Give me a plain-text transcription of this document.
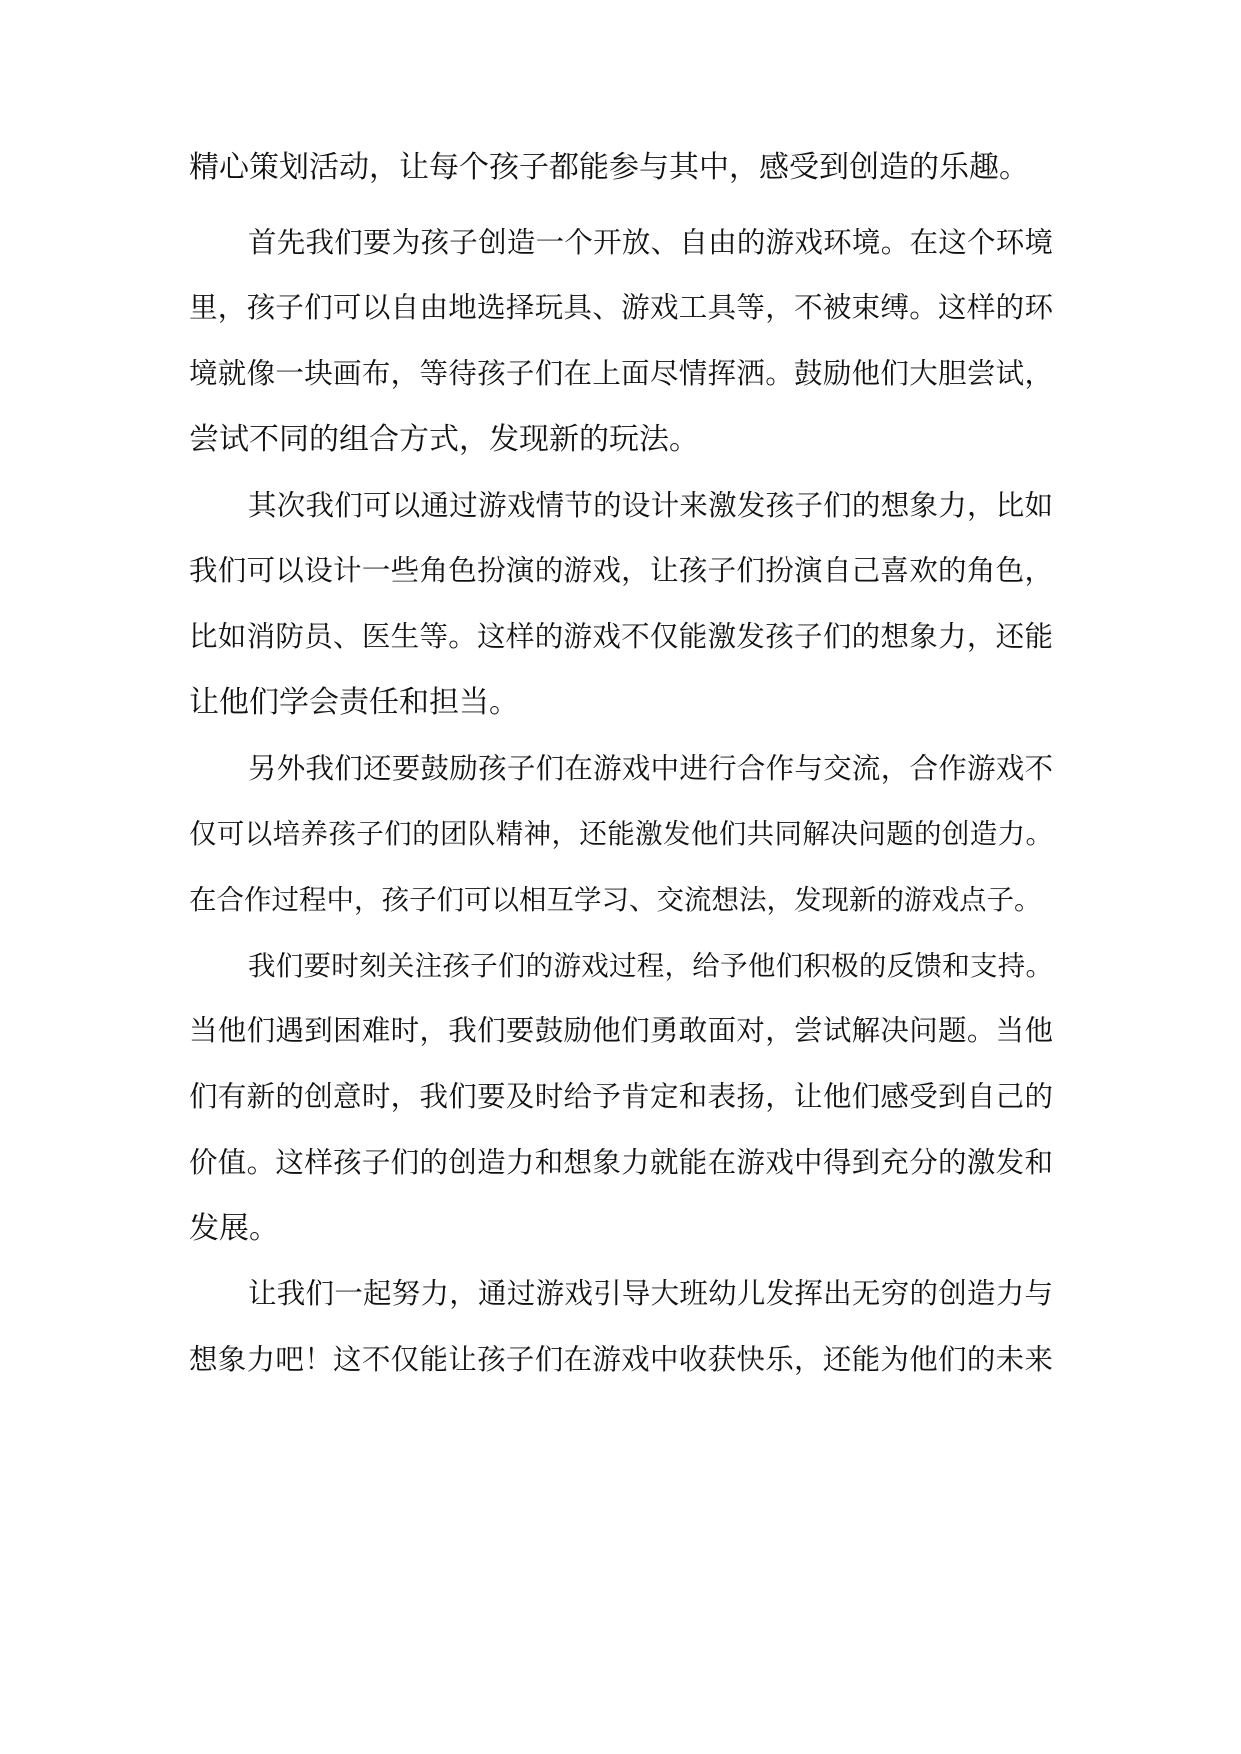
精心策划活动，让每个孩子都能参与其中，感受到创造的乐趣。
首先我们要为孩子创造一个开放、自由的游戏环境。在这个环境
里，孩子们可以自由地选择玩具、游戏工具等，不被束缚。这样的环
境就像一块画布，等待孩子们在上面尽情挥洒。鼓励他们大胆尝试，
尝试不同的组合方式，发现新的玩法。
其次我们可以通过游戏情节的设计来激发孩子们的想象力，比如
我们可以设计一些角色扮演的游戏，让孩子们扮演自己喜欢的角色，
比如消防员、医生等。这样的游戏不仅能激发孩子们的想象力，还能
让他们学会责任和担当。
另外我们还要鼓励孩子们在游戏中进行合作与交流，合作游戏不
仅可以培养孩子们的团队精神，还能激发他们共同解决问题的创造力。
在合作过程中，孩子们可以相互学习、交流想法，发现新的游戏点子。
我们要时刻关注孩子们的游戏过程，给予他们积极的反馈和支持。
当他们遇到困难时，我们要鼓励他们勇敢面对，尝试解决问题。当他
们有新的创意时，我们要及时给予肯定和表扬，让他们感受到自己的
价值。这样孩子们的创造力和想象力就能在游戏中得到充分的激发和
发展。
让我们一起努力，通过游戏引导大班幼儿发挥出无穷的创造力与
想象力吧！这不仅能让孩子们在游戏中收获快乐，还能为他们的未来
